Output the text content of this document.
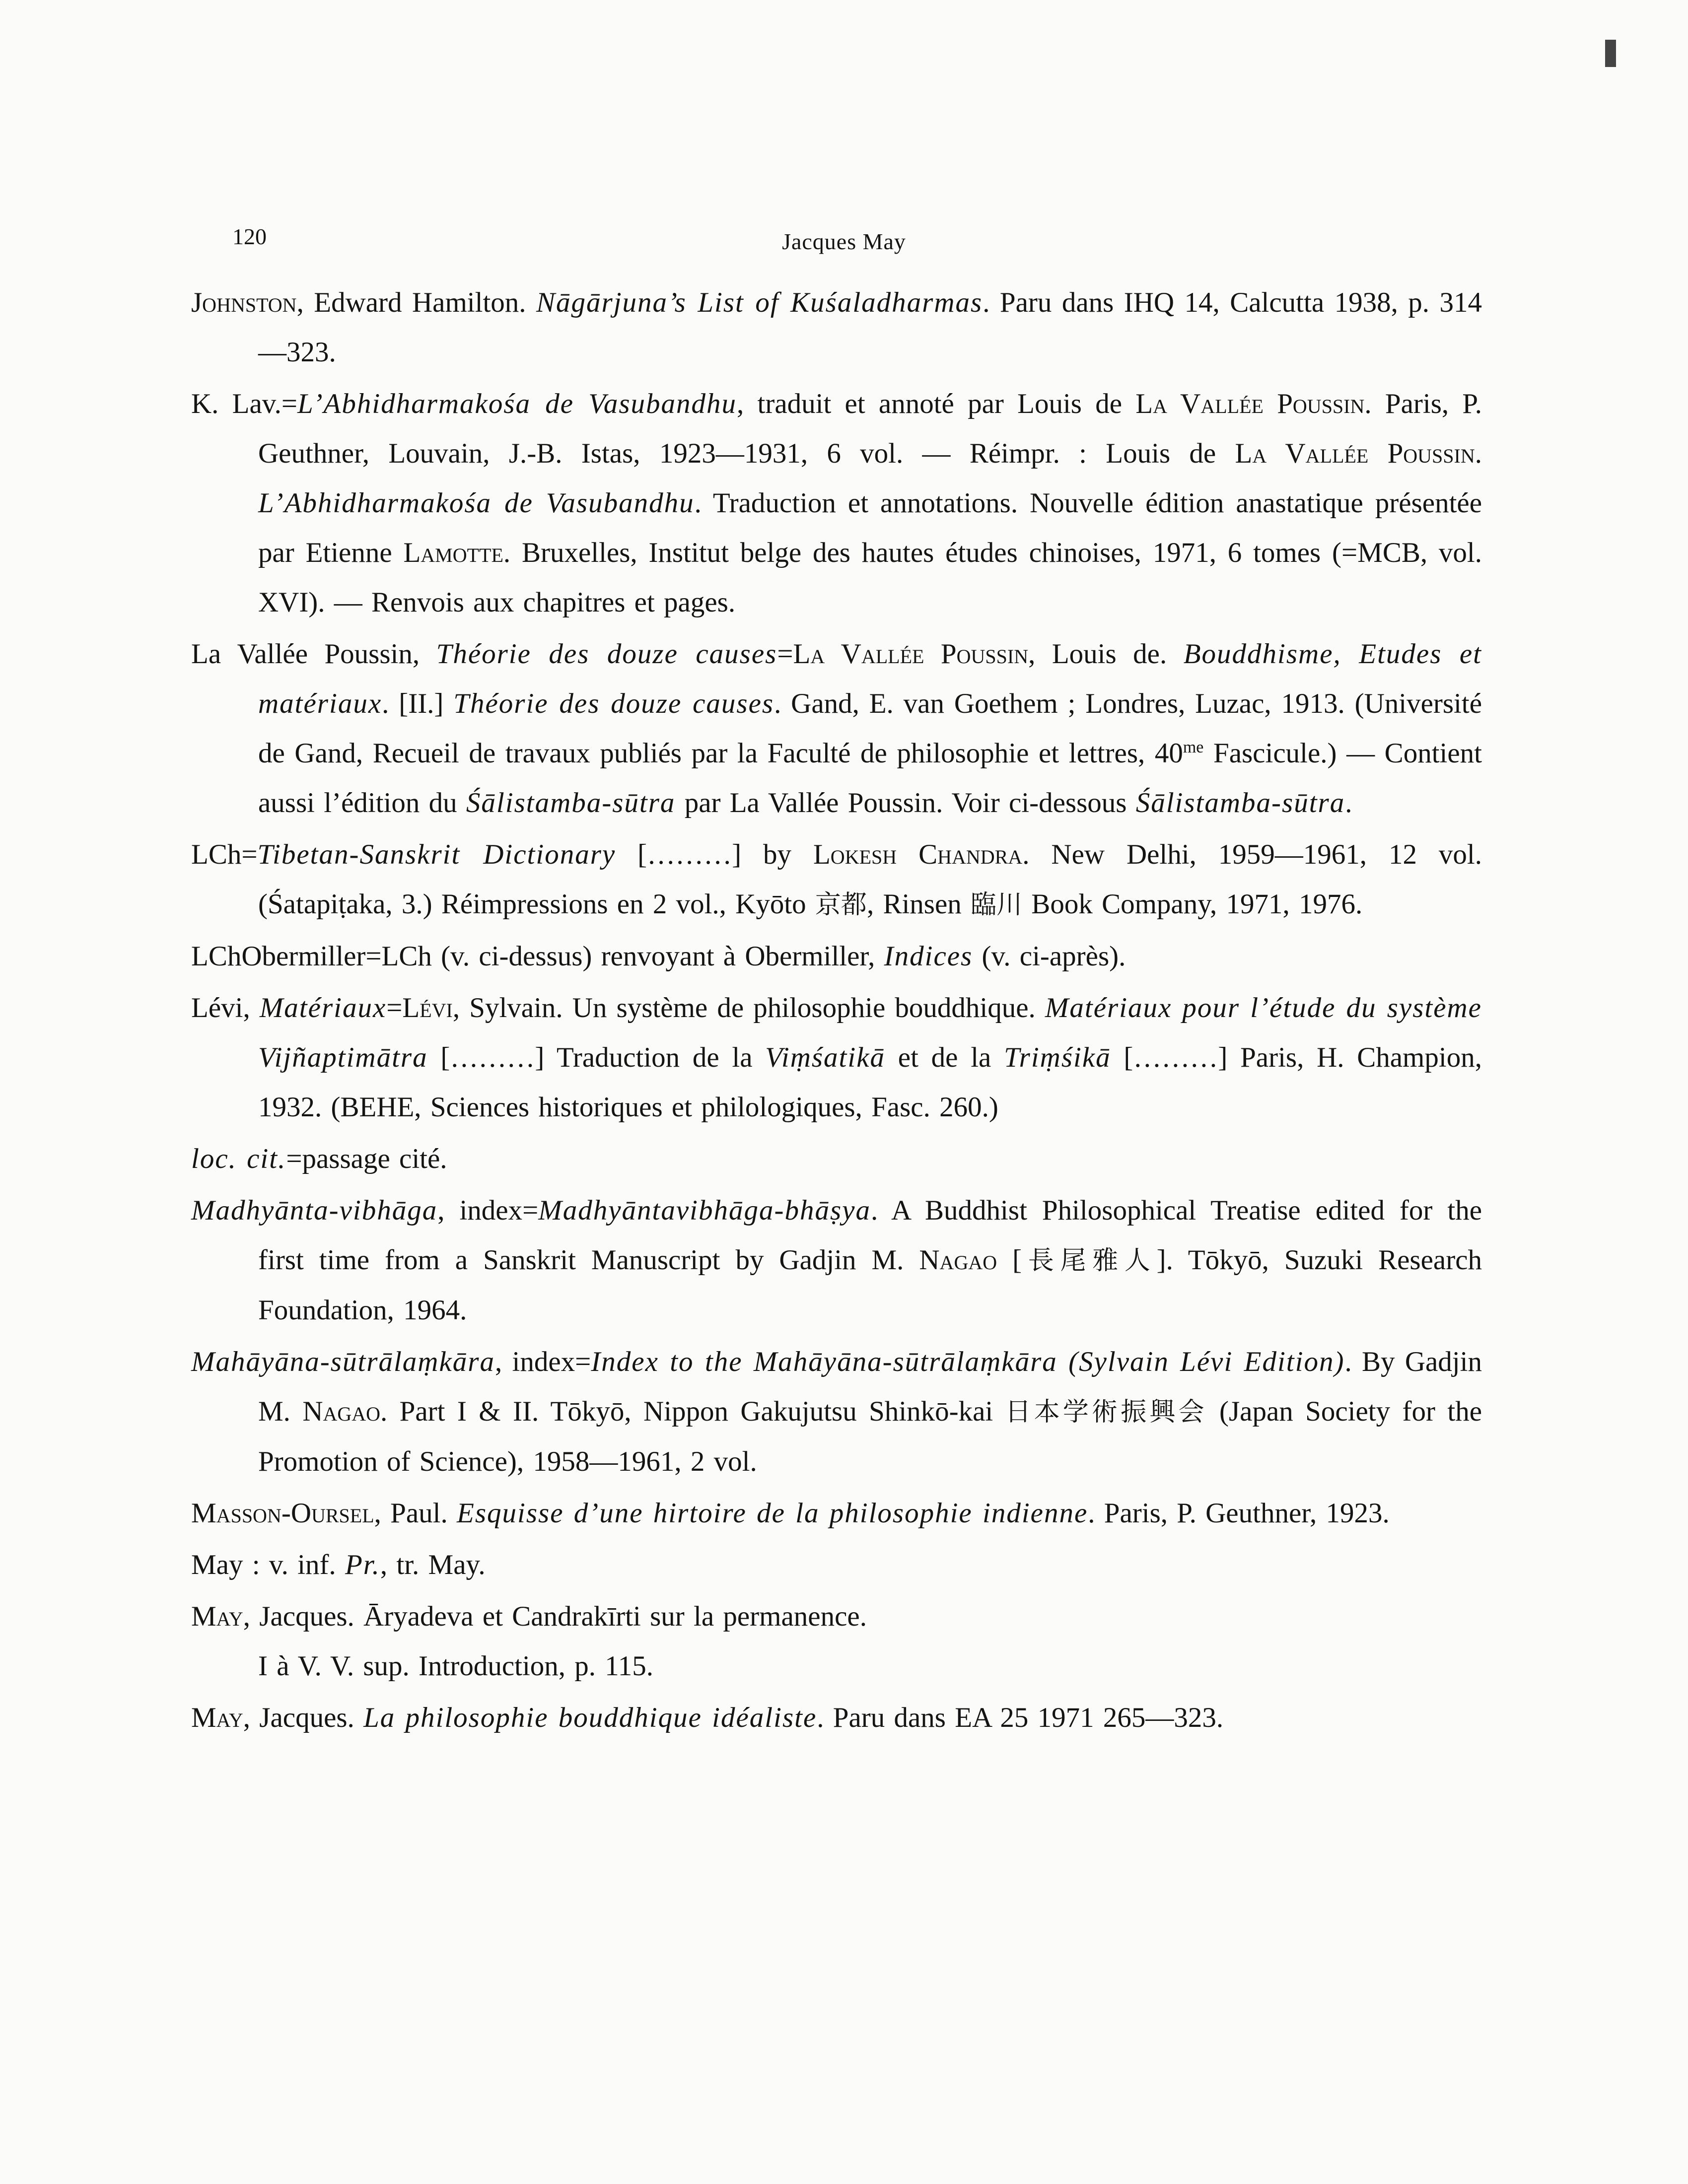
120	Jacques May

Johnston, Edward Hamilton. Nāgārjuna’s List of Kuśaladharmas. Paru dans IHQ 14, Calcutta 1938, p. 314—323.

K. Lav.=L’Abhidharmakośa de Vasubandhu, traduit et annoté par Louis de La Vallée Poussin. Paris, P. Geuthner, Louvain, J.-B. Istas, 1923—1931, 6 vol. — Réimpr. : Louis de La Vallée Poussin. L’Abhidharmakośa de Vasubandhu. Traduction et annotations. Nouvelle édition anastatique présentée par Etienne Lamotte. Bruxelles, Institut belge des hautes études chinoises, 1971, 6 tomes (=MCB, vol. XVI). — Renvois aux chapitres et pages.

La Vallée Poussin, Théorie des douze causes=La Vallée Poussin, Louis de. Bouddhisme, Etudes et matériaux. [II.] Théorie des douze causes. Gand, E. van Goethem ; Londres, Luzac, 1913. (Université de Gand, Recueil de travaux publiés par la Faculté de philosophie et lettres, $40^{me}$ Fascicule.) — Contient aussi l’édition du Śālistamba-sūtra par La Vallée Poussin. Voir ci-dessous Śālistamba-sūtra.

LCh=Tibetan-Sanskrit Dictionary [………] by Lokesh Chandra. New Delhi, 1959—1961, 12 vol. (Śatapiṭaka, 3.) Réimpressions en 2 vol., Kyōto 京都, Rinsen 臨川 Book Company, 1971, 1976.

LChObermiller=LCh (v. ci-dessus) renvoyant à Obermiller, Indices (v. ci-après).

Lévi, Matériaux=Lévi, Sylvain. Un système de philosophie bouddhique. Matériaux pour l’étude du système Vijñaptimātra [………] Traduction de la Viṃśatikā et de la Triṃśikā [………] Paris, H. Champion, 1932. (BEHE, Sciences historiques et philologiques, Fasc. 260.)

loc. cit.=passage cité.

Madhyānta-vibhāga, index=Madhyāntavibhāga-bhāṣya. A Buddhist Philosophical Treatise edited for the first time from a Sanskrit Manuscript by Gadjin M. Nagao [長尾雅人]. Tōkyō, Suzuki Research Foundation, 1964.

Mahāyāna-sūtrālaṃkāra, index=Index to the Mahāyāna-sūtrālaṃkāra (Sylvain Lévi Edition). By Gadjin M. Nagao. Part I & II. Tōkyō, Nippon Gakujutsu Shinkō-kai 日本学術振興会 (Japan Society for the Promotion of Science), 1958—1961, 2 vol.

Masson-Oursel, Paul. Esquisse d’une hirtoire de la philosophie indienne. Paris, P. Geuthner, 1923.

May : v. inf. Pr., tr. May.

May, Jacques. Āryadeva et Candrakīrti sur la permanence.
I à V. V. sup. Introduction, p. 115.

May, Jacques. La philosophie bouddhique idéaliste. Paru dans EA 25 1971 265—323.
